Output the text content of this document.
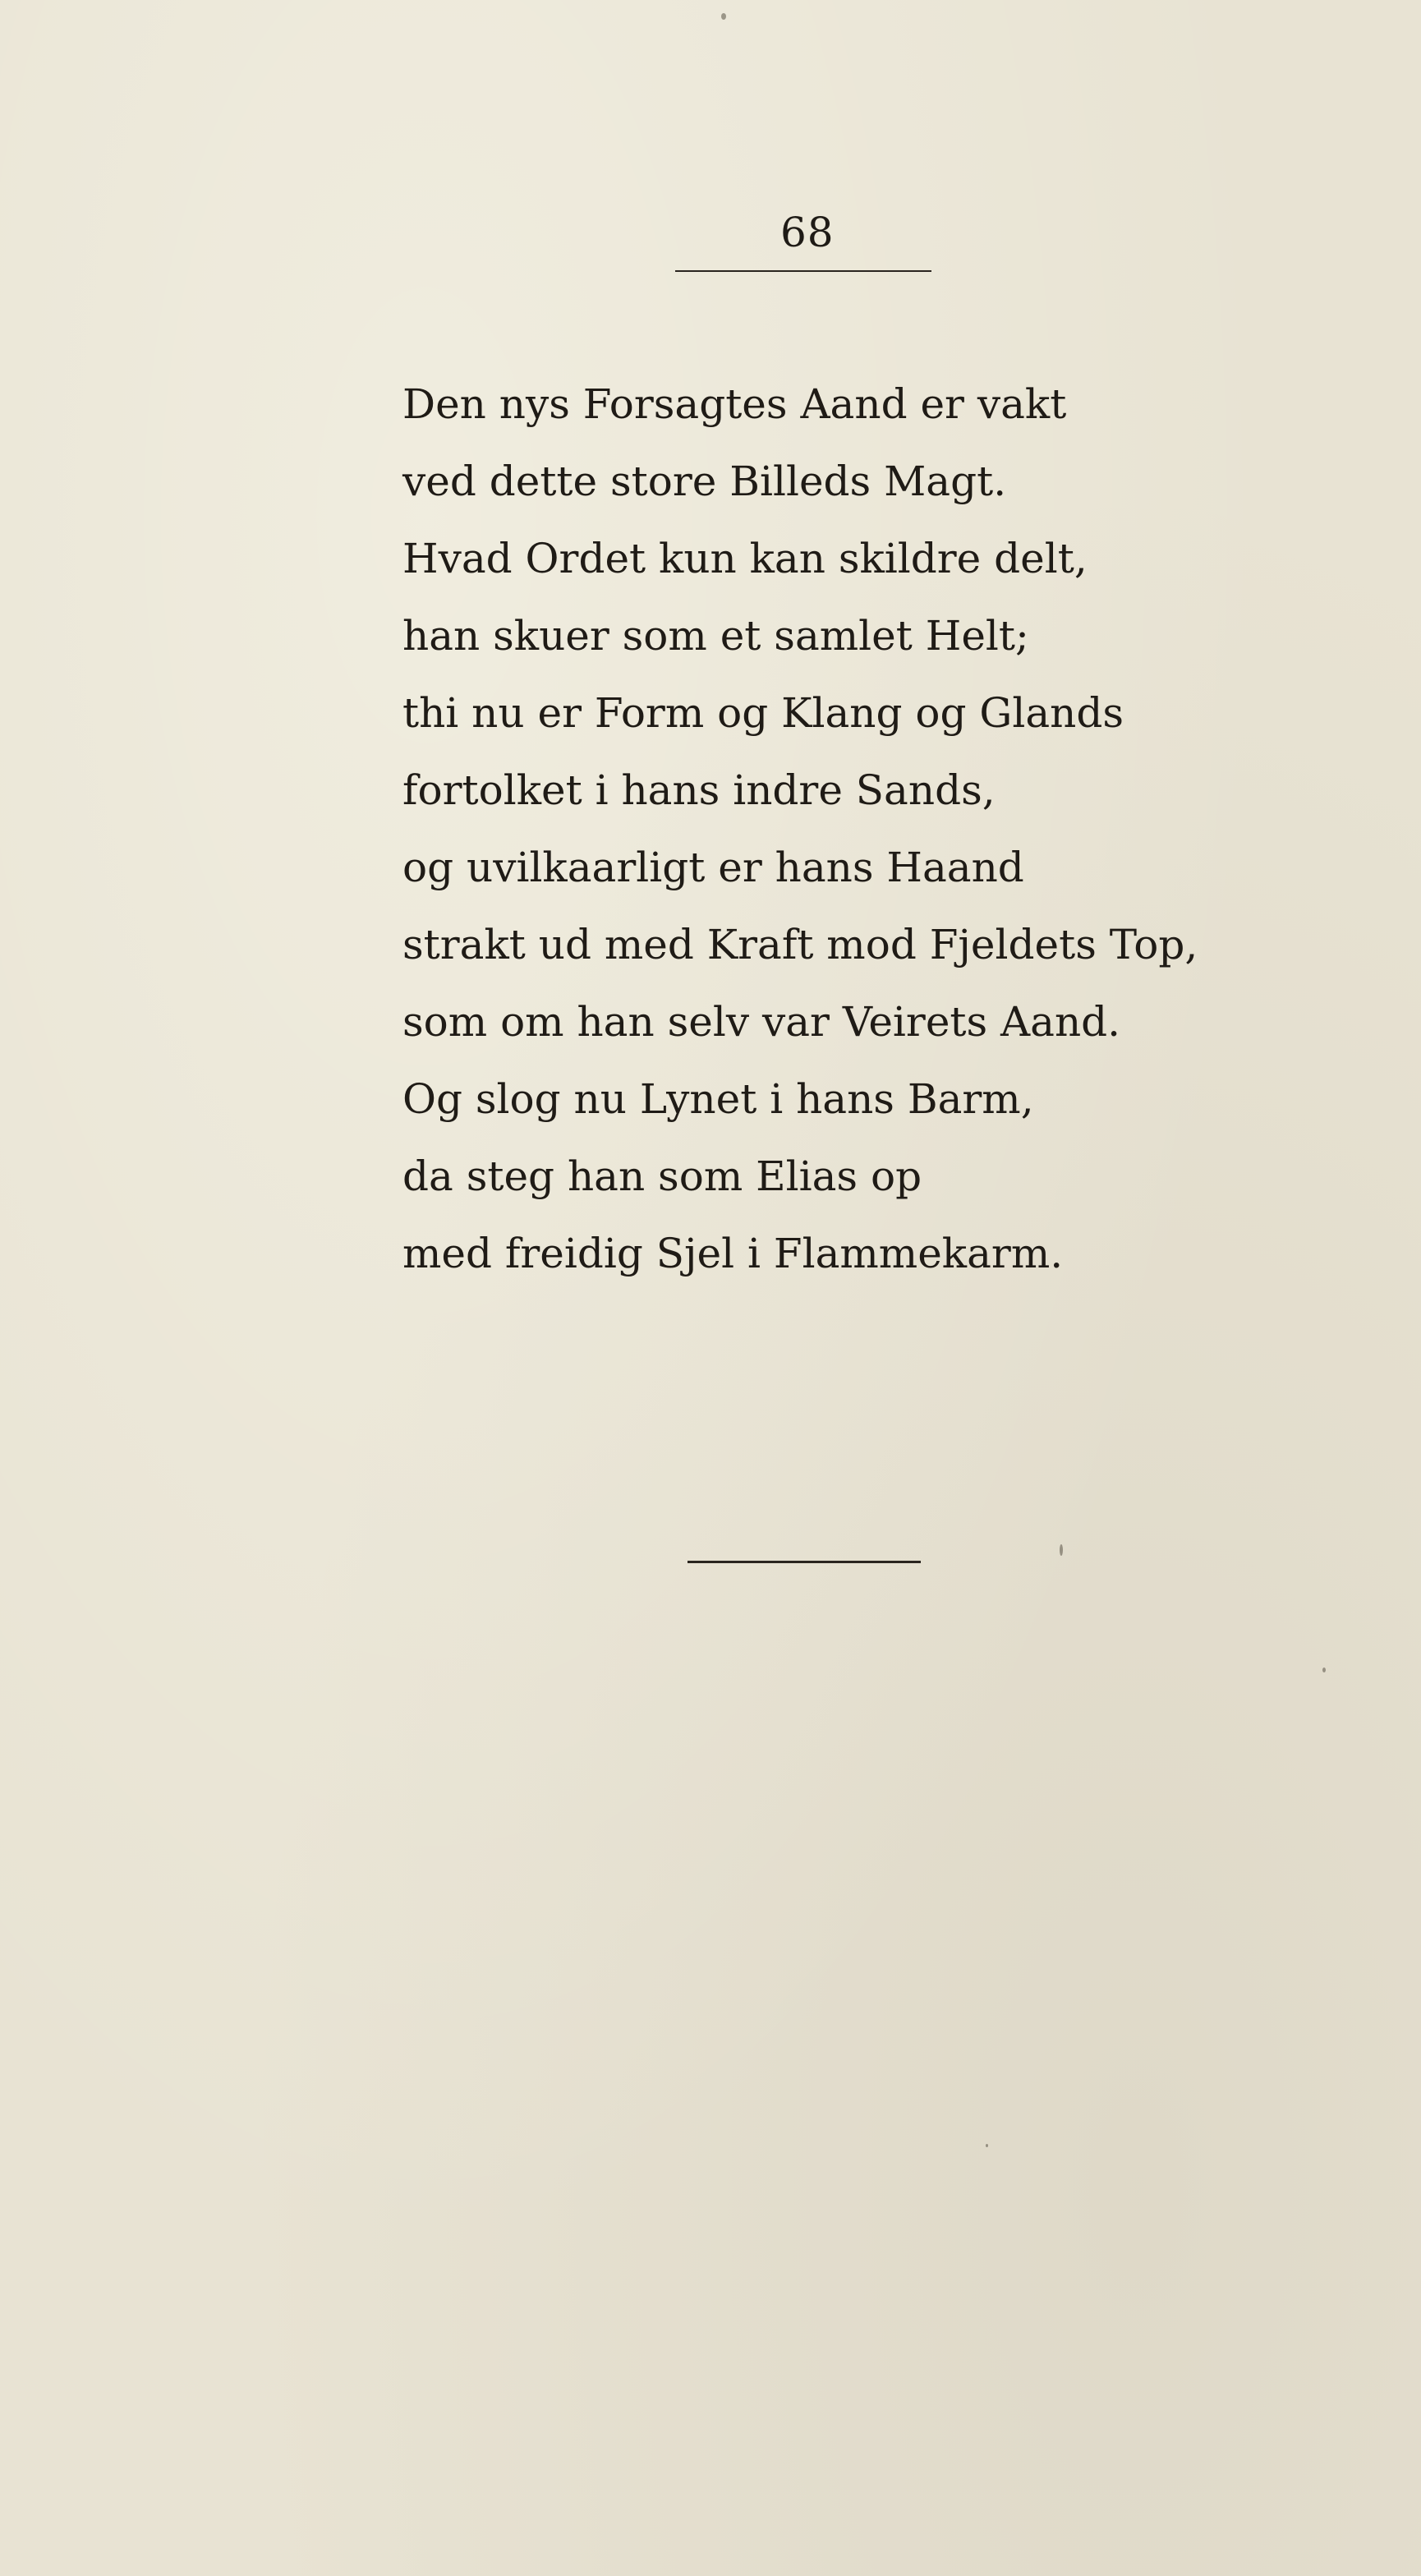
68
Den nys Forsagtes Aand er vakt
ved dette store Billeds Magt.
Hvad Ordet kun kan skildre delt,
han skuer som et samlet Helt;
thi nu er Form og Klang og Glands
fortolket i hans indre Sands,
og uvilkaarligt er hans Haand
strakt ud med Kraft mod Fjeldets Top,
som om han selv var Veirets Aand.
Og slog nu Lynet i hans Barm,
da steg han som Elias op
med freidig Sjel i Flammekarm.
